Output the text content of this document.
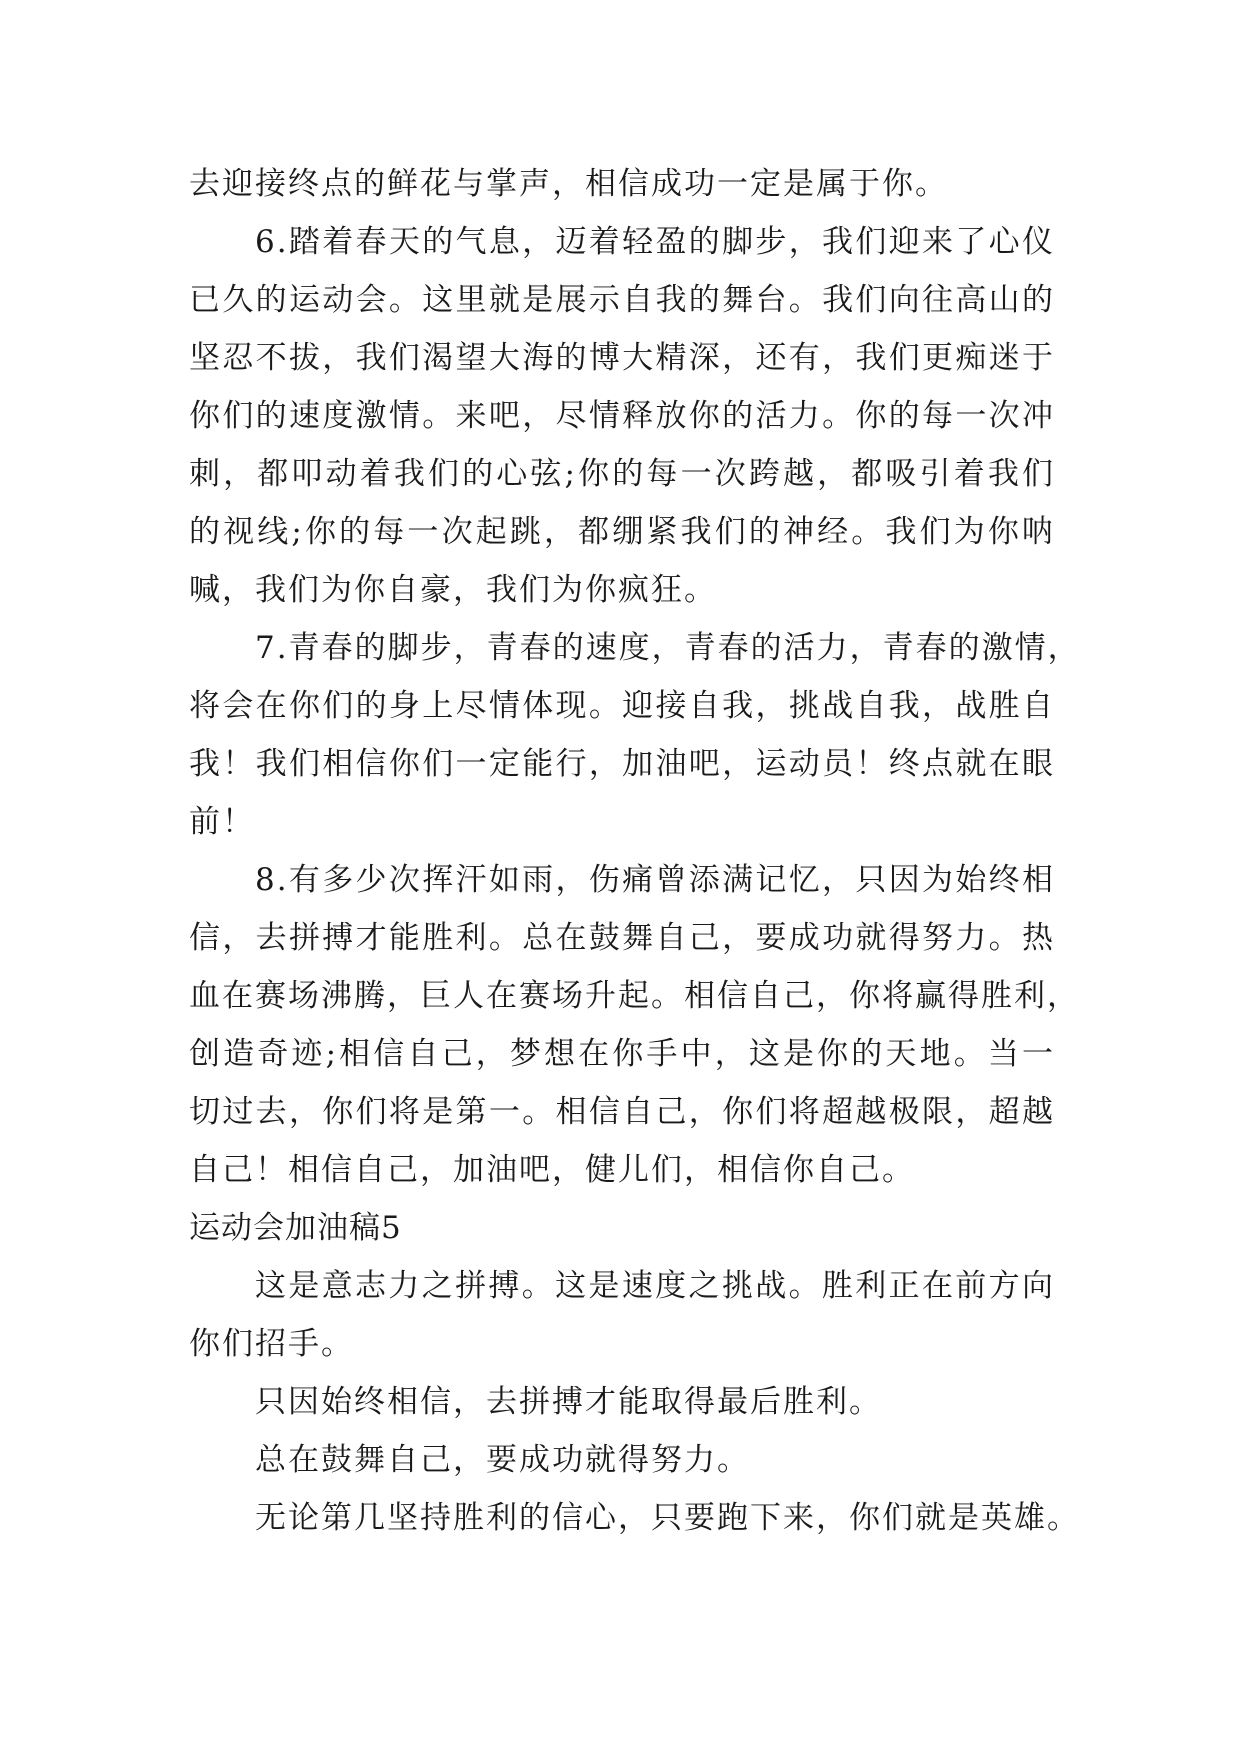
去迎接终点的鲜花与掌声，相信成功一定是属于你。
6.踏着春天的气息，迈着轻盈的脚步，我们迎来了心仪
已久的运动会。这里就是展示自我的舞台。我们向往高山的
坚忍不拔，我们渴望大海的博大精深，还有，我们更痴迷于
你们的速度激情。来吧，尽情释放你的活力。你的每一次冲
刺，都叩动着我们的心弦;你的每一次跨越，都吸引着我们
的视线;你的每一次起跳，都绷紧我们的神经。我们为你呐
喊，我们为你自豪，我们为你疯狂。
7.青春的脚步，青春的速度，青春的活力，青春的激情，
将会在你们的身上尽情体现。迎接自我，挑战自我，战胜自
我！我们相信你们一定能行，加油吧，运动员！终点就在眼
前！
8.有多少次挥汗如雨，伤痛曾添满记忆，只因为始终相
信，去拼搏才能胜利。总在鼓舞自己，要成功就得努力。热
血在赛场沸腾，巨人在赛场升起。相信自己，你将赢得胜利，
创造奇迹;相信自己，梦想在你手中，这是你的天地。当一
切过去，你们将是第一。相信自己，你们将超越极限，超越
自己！相信自己，加油吧，健儿们，相信你自己。
运动会加油稿5
这是意志力之拼搏。这是速度之挑战。胜利正在前方向
你们招手。
只因始终相信，去拼搏才能取得最后胜利。
总在鼓舞自己，要成功就得努力。
无论第几坚持胜利的信心，只要跑下来，你们就是英雄。
